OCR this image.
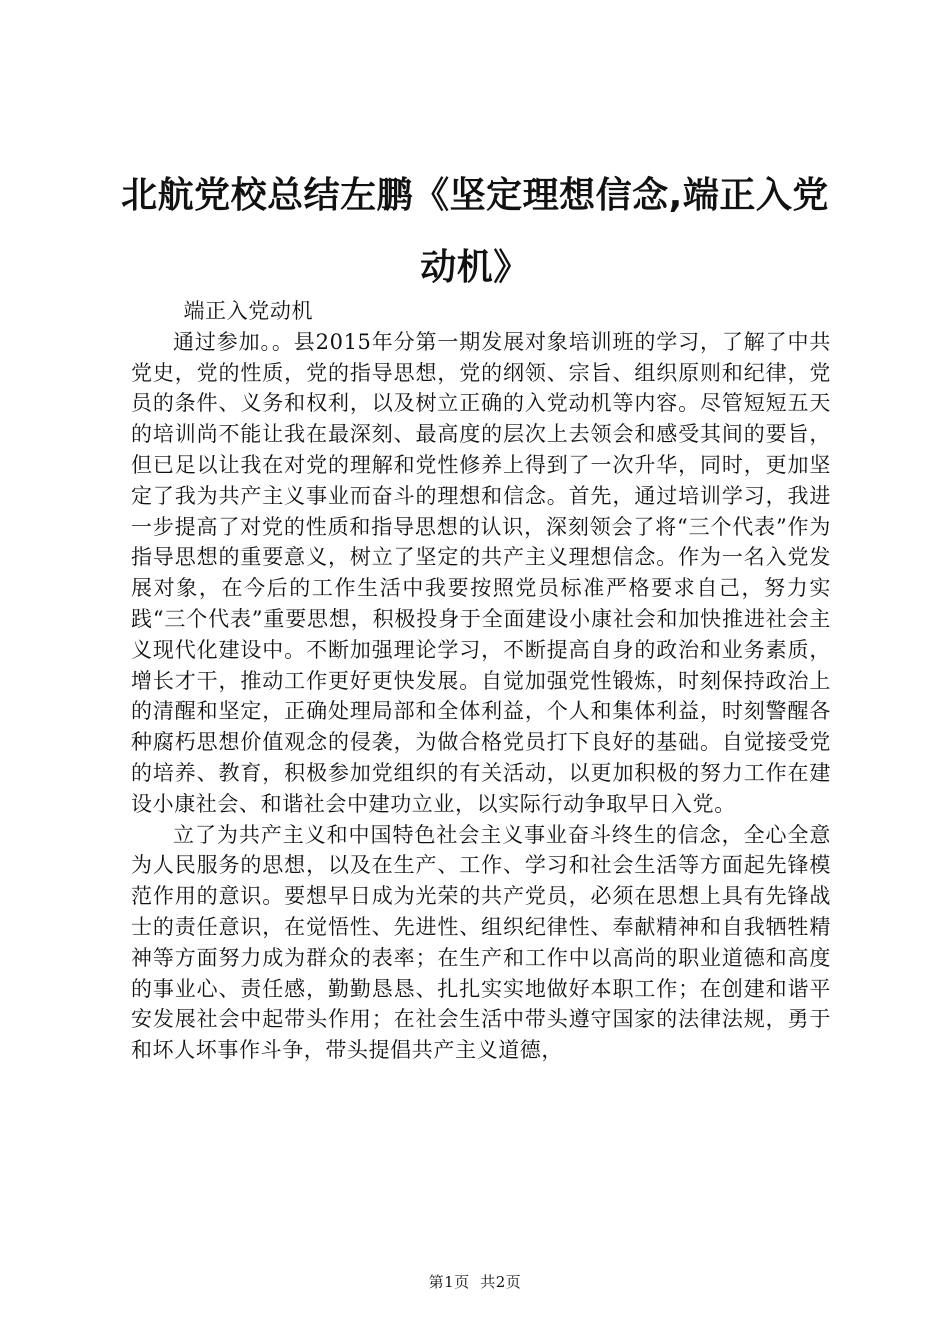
北航党校总结左鹏《坚定理想信念,端正入党动机》
端正入党动机

通过参加。。县2015年分第一期发展对象培训班的学习，了解了中共党史，党的性质，党的指导思想，党的纲领、宗旨、组织原则和纪律，党员的条件、义务和权利，以及树立正确的入党动机等内容。尽管短短五天的培训尚不能让我在最深刻、最高度的层次上去领会和感受其间的要旨，但已足以让我在对党的理解和党性修养上得到了一次升华，同时，更加坚定了我为共产主义事业而奋斗的理想和信念。首先，通过培训学习，我进一步提高了对党的性质和指导思想的认识，深刻领会了将“三个代表”作为指导思想的重要意义，树立了坚定的共产主义理想信念。作为一名入党发展对象，在今后的工作生活中我要按照党员标准严格要求自己，努力实践“三个代表”重要思想，积极投身于全面建设小康社会和加快推进社会主义现代化建设中。不断加强理论学习，不断提高自身的政治和业务素质，增长才干，推动工作更好更快发展。自觉加强党性锻炼，时刻保持政治上的清醒和坚定，正确处理局部和全体利益，个人和集体利益，时刻警醒各种腐朽思想价值观念的侵袭，为做合格党员打下良好的基础。自觉接受党的培养、教育，积极参加党组织的有关活动，以更加积极的努力工作在建设小康社会、和谐社会中建功立业，以实际行动争取早日入党。

立了为共产主义和中国特色社会主义事业奋斗终生的信念，全心全意为人民服务的思想，以及在生产、工作、学习和社会生活等方面起先锋模范作用的意识。要想早日成为光荣的共产党员，必须在思想上具有先锋战士的责任意识，在觉悟性、先进性、组织纪律性、奉献精神和自我牺牲精神等方面努力成为群众的表率；在生产和工作中以高尚的职业道德和高度的事业心、责任感，勤勤恳恳、扎扎实实地做好本职工作；在创建和谐平安发展社会中起带头作用；在社会生活中带头遵守国家的法律法规，勇于和坏人坏事作斗争，带头提倡共产主义道德，

第1页 共2页
